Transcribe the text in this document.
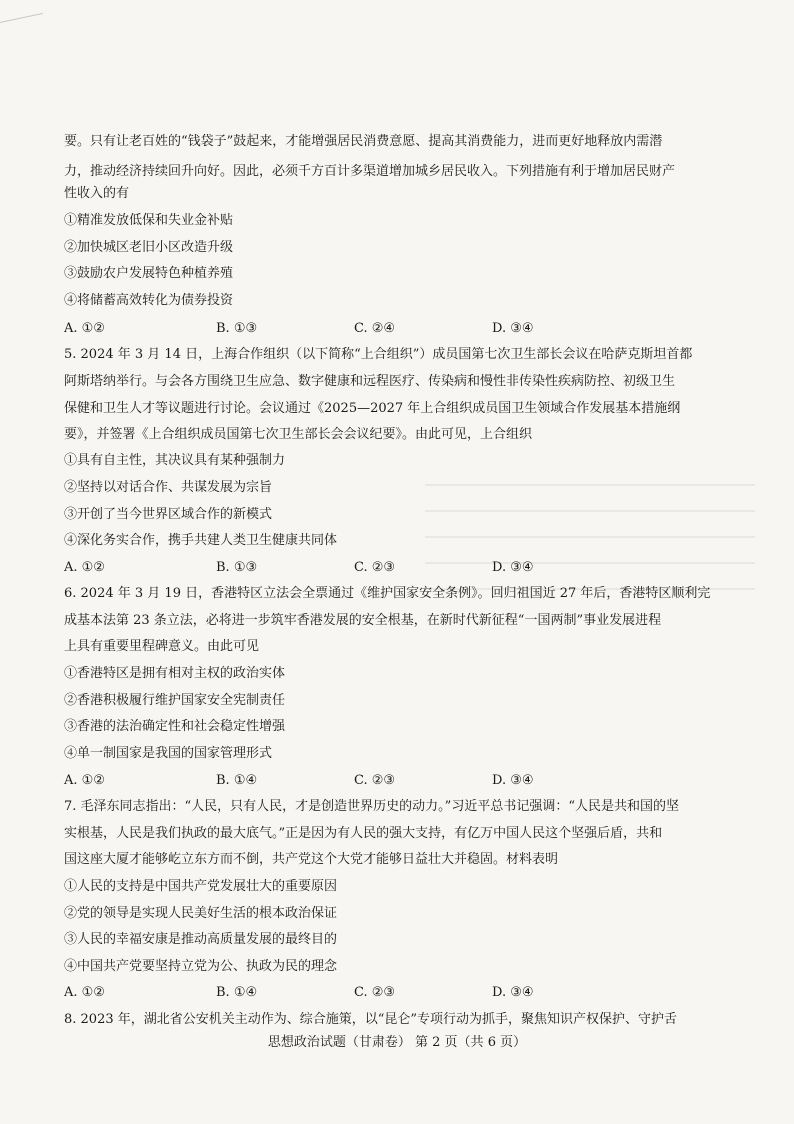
要。只有让老百姓的“钱袋子”鼓起来，才能增强居民消费意愿、提高其消费能力，进而更好地释放内需潜
力，推动经济持续回升向好。因此，必须千方百计多渠道增加城乡居民收入。下列措施有利于增加居民财产
性收入的有
①精准发放低保和失业金补贴
②加快城区老旧小区改造升级
③鼓励农户发展特色种植养殖
④将储蓄高效转化为债券投资
A. ①②	B. ①③	C. ②④	D. ③④
5. 2024 年 3 月 14 日，上海合作组织（以下简称“上合组织”）成员国第七次卫生部长会议在哈萨克斯坦首都
阿斯塔纳举行。与会各方围绕卫生应急、数字健康和远程医疗、传染病和慢性非传染性疾病防控、初级卫生
保健和卫生人才等议题进行讨论。会议通过《2025—2027 年上合组织成员国卫生领域合作发展基本措施纲
要》，并签署《上合组织成员国第七次卫生部长会会议纪要》。由此可见，上合组织
①具有自主性，其决议具有某种强制力
②坚持以对话合作、共谋发展为宗旨
③开创了当今世界区域合作的新模式
④深化务实合作，携手共建人类卫生健康共同体
A. ①②	B. ①③	C. ②③	D. ③④
6. 2024 年 3 月 19 日，香港特区立法会全票通过《维护国家安全条例》。回归祖国近 27 年后，香港特区顺利完
成基本法第 23 条立法，必将进一步筑牢香港发展的安全根基，在新时代新征程“一国两制”事业发展进程
上具有重要里程碑意义。由此可见
①香港特区是拥有相对主权的政治实体
②香港积极履行维护国家安全宪制责任
③香港的法治确定性和社会稳定性增强
④单一制国家是我国的国家管理形式
A. ①②	B. ①④	C. ②③	D. ③④
7. 毛泽东同志指出：“人民，只有人民，才是创造世界历史的动力。”习近平总书记强调：“人民是共和国的坚
实根基，人民是我们执政的最大底气。”正是因为有人民的强大支持，有亿万中国人民这个坚强后盾，共和
国这座大厦才能够屹立东方而不倒，共产党这个大党才能够日益壮大并稳固。材料表明
①人民的支持是中国共产党发展壮大的重要原因
②党的领导是实现人民美好生活的根本政治保证
③人民的幸福安康是推动高质量发展的最终目的
④中国共产党要坚持立党为公、执政为民的理念
A. ①②	B. ①④	C. ②③	D. ③④
8. 2023 年，湖北省公安机关主动作为、综合施策，以“昆仑”专项行动为抓手，聚焦知识产权保护、守护舌
思想政治试题（甘肃卷） 第 2 页（共 6 页）
